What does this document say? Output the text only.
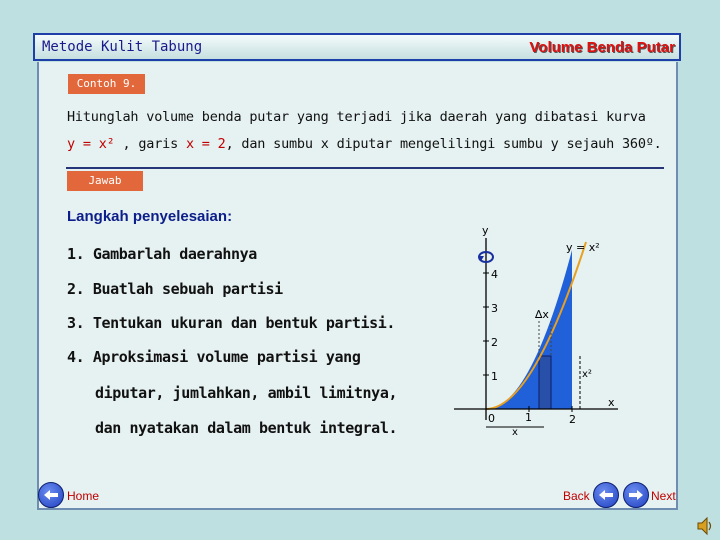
Metode Kulit Tabung	Volume Benda Putar
Contoh 9.
Hitunglah volume benda putar yang terjadi jika daerah yang dibatasi kurva
y = x² , garis x = 2, dan sumbu x diputar mengelilingi sumbu y sejauh 360º.
Jawab
Langkah penyelesaian:
1. Gambarlah daerahnya
2. Buatlah sebuah partisi
3. Tentukan ukuran dan bentuk partisi.
4. Aproksimasi volume partisi yang
diputar, jumlahkan, ambil limitnya,
dan nyatakan dalam bentuk integral.
y
x
y = x²
0
4
3
2
1
1	2
∆x
x²
x
Home	Back	Next
